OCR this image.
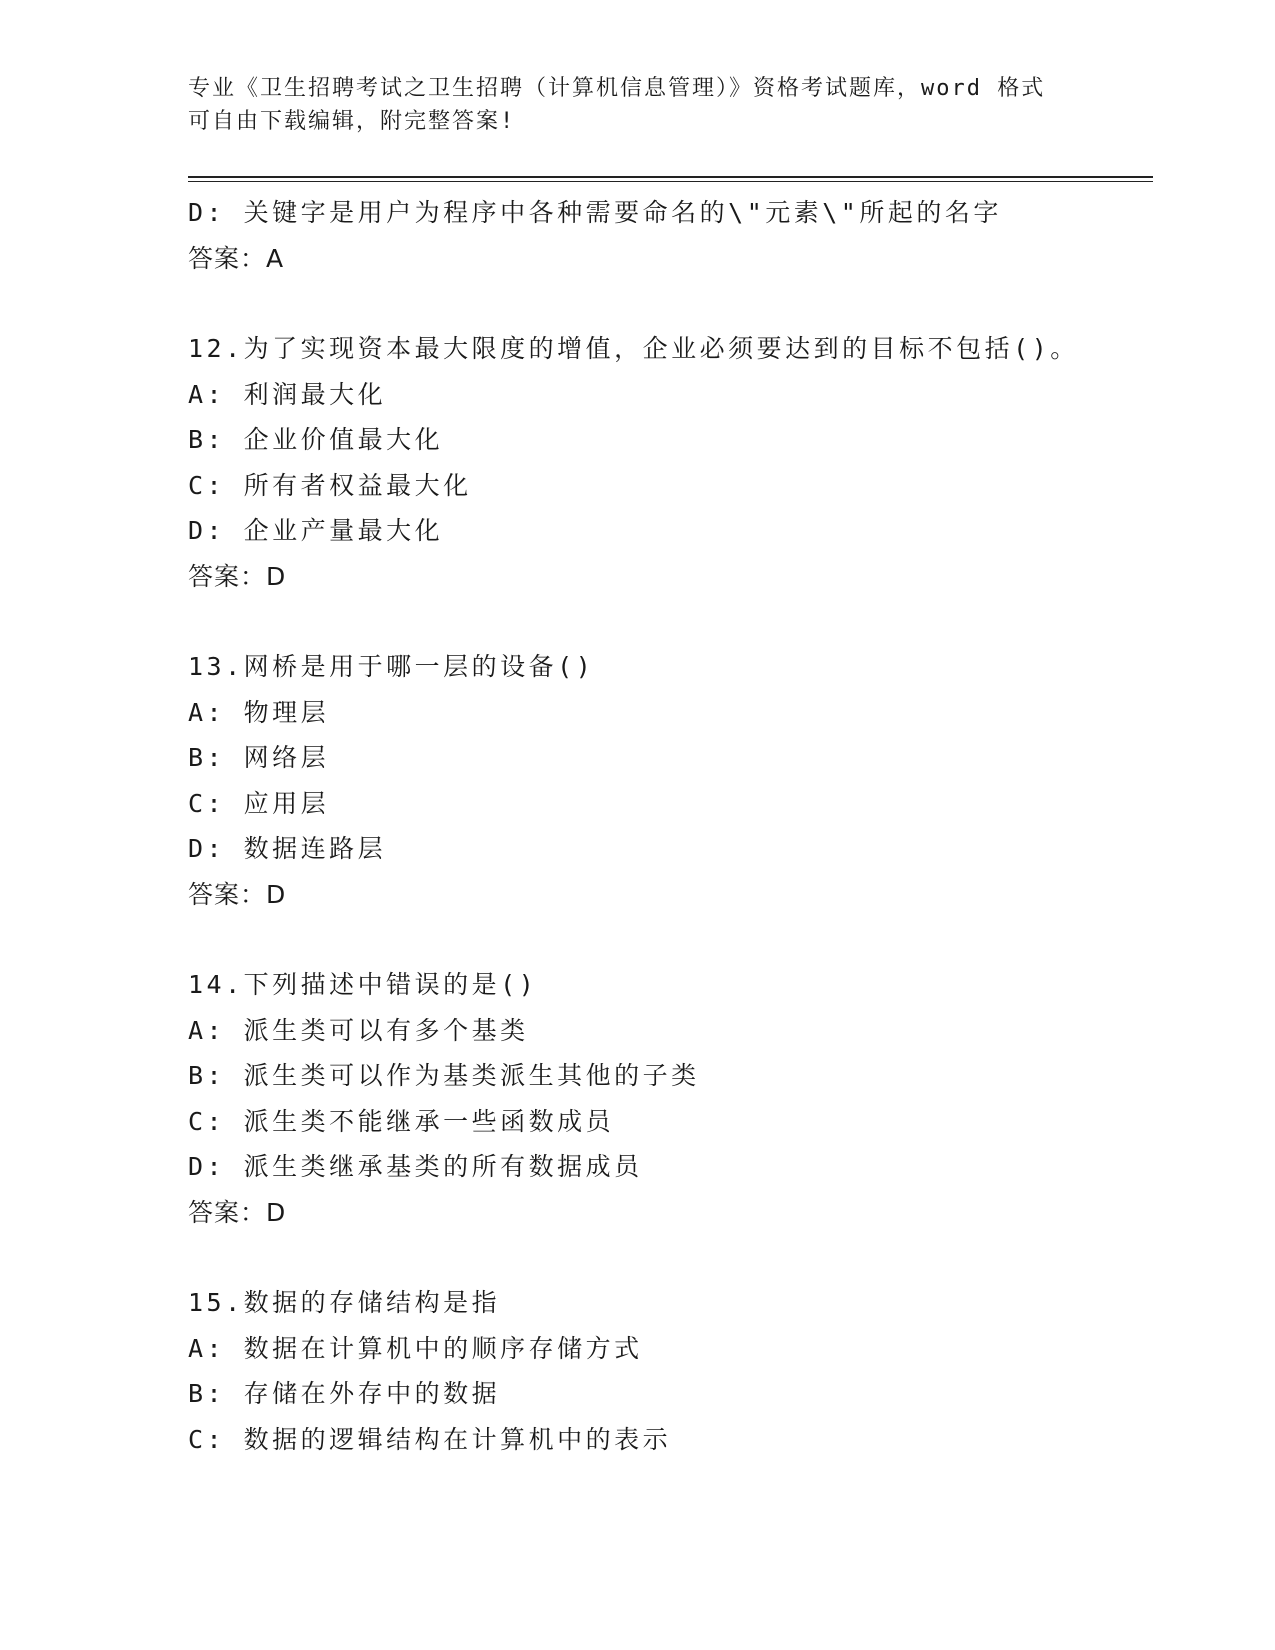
专业《卫生招聘考试之卫生招聘（计算机信息管理）》资格考试题库，word 格式
可自由下载编辑，附完整答案!
D: 关键字是用户为程序中各种需要命名的\"元素\"所起的名字
答案：A
12.为了实现资本最大限度的增值，企业必须要达到的目标不包括()。
A: 利润最大化
B: 企业价值最大化
C: 所有者权益最大化
D: 企业产量最大化
答案：D
13.网桥是用于哪一层的设备()
A: 物理层
B: 网络层
C: 应用层
D: 数据连路层
答案：D
14.下列描述中错误的是()
A: 派生类可以有多个基类
B: 派生类可以作为基类派生其他的子类
C: 派生类不能继承一些函数成员
D: 派生类继承基类的所有数据成员
答案：D
15.数据的存储结构是指
A: 数据在计算机中的顺序存储方式
B: 存储在外存中的数据
C: 数据的逻辑结构在计算机中的表示
